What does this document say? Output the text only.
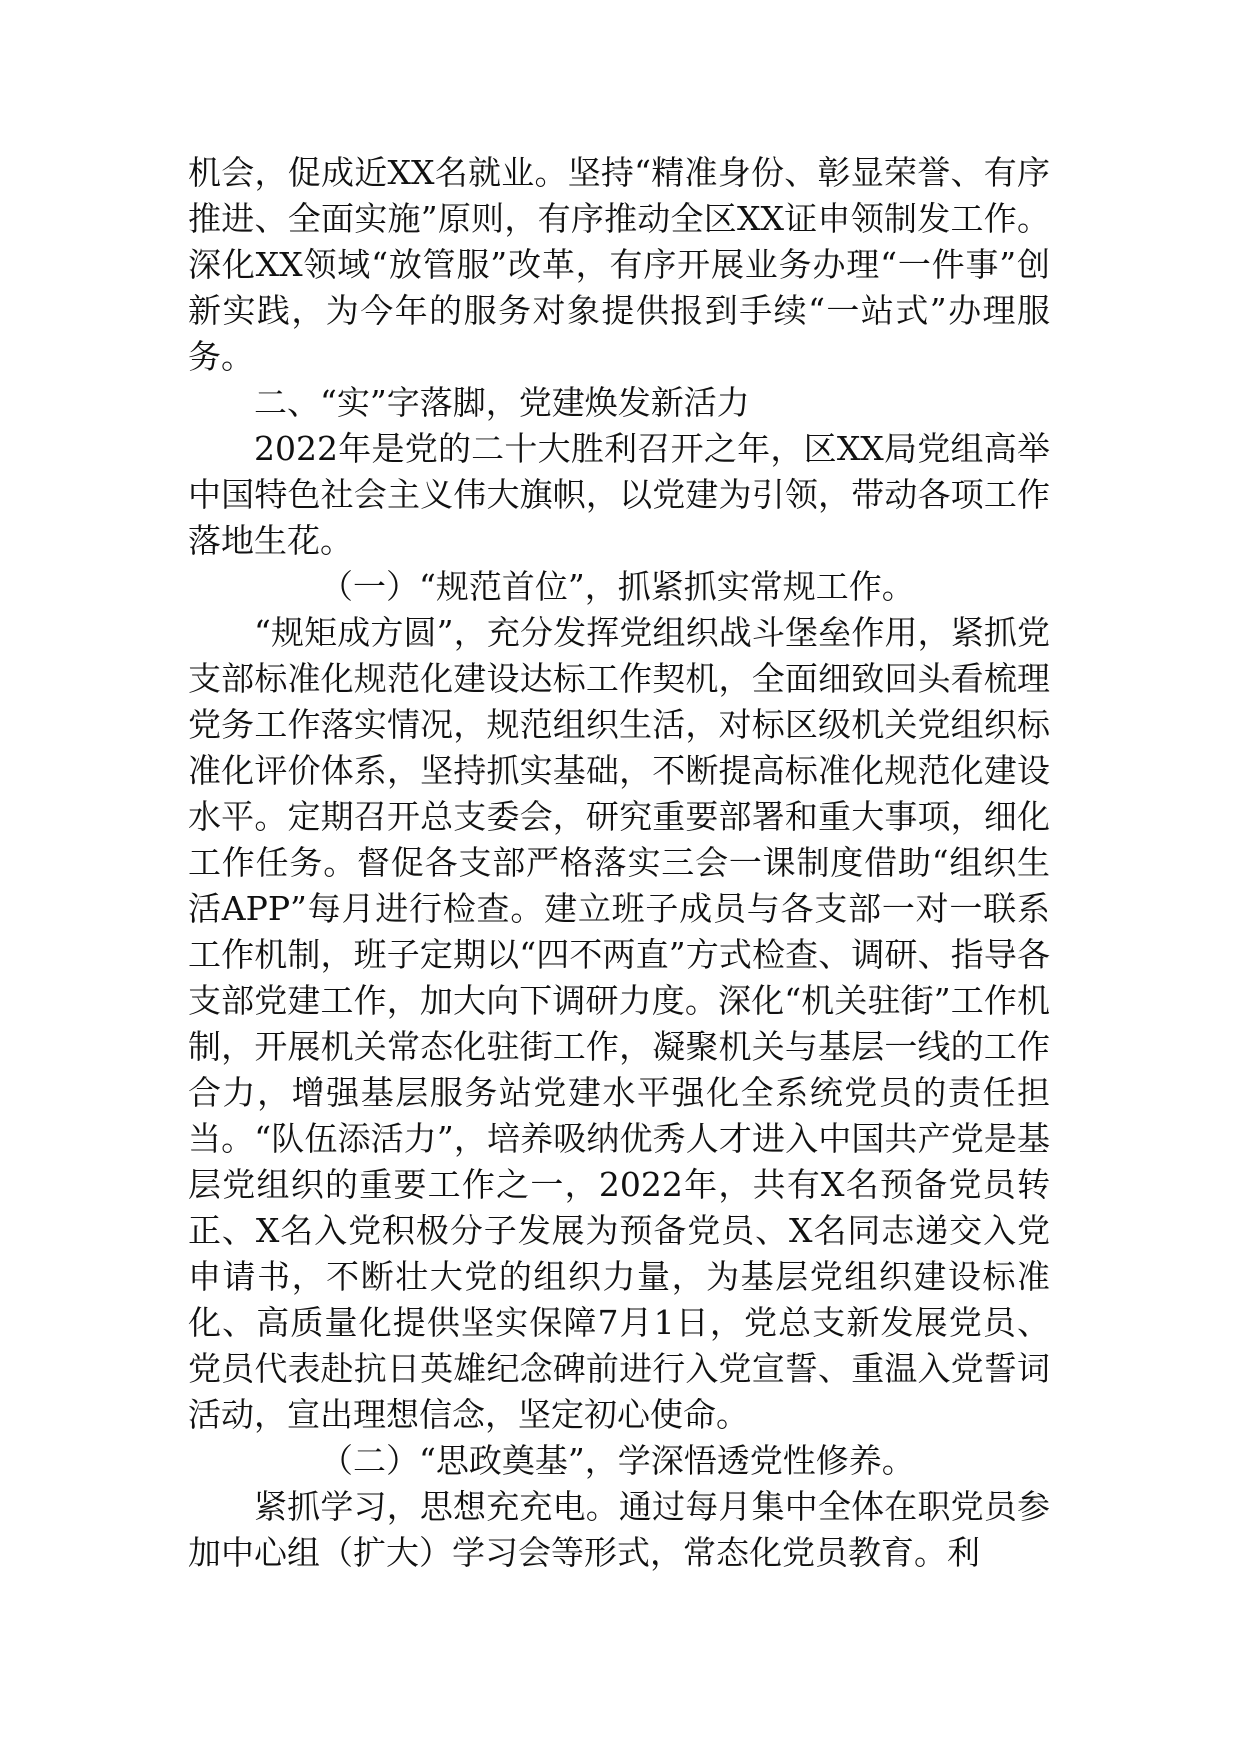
机会，促成近XX名就业。坚持“精准身份、彰显荣誉、有序推进、全面实施”原则，有序推动全区XX证申领制发工作。深化XX领域“放管服”改革，有序开展业务办理“一件事”创新实践，为今年的服务对象提供报到手续“一站式”办理服务。

二、“实”字落脚，党建焕发新活力

2022年是党的二十大胜利召开之年，区XX局党组高举中国特色社会主义伟大旗帜，以党建为引领，带动各项工作落地生花。

（一）“规范首位”，抓紧抓实常规工作。

“规矩成方圆”，充分发挥党组织战斗堡垒作用，紧抓党支部标准化规范化建设达标工作契机，全面细致回头看梳理党务工作落实情况，规范组织生活，对标区级机关党组织标准化评价体系，坚持抓实基础，不断提高标准化规范化建设水平。定期召开总支委会，研究重要部署和重大事项，细化工作任务。督促各支部严格落实三会一课制度借助“组织生活APP”每月进行检查。建立班子成员与各支部一对一联系工作机制，班子定期以“四不两直”方式检查、调研、指导各支部党建工作，加大向下调研力度。深化“机关驻街”工作机制，开展机关常态化驻街工作，凝聚机关与基层一线的工作合力，增强基层服务站党建水平强化全系统党员的责任担当。“队伍添活力”，培养吸纳优秀人才进入中国共产党是基层党组织的重要工作之一，2022年，共有X名预备党员转正、X名入党积极分子发展为预备党员、X名同志递交入党申请书，不断壮大党的组织力量，为基层党组织建设标准化、高质量化提供坚实保障7月1日，党总支新发展党员、党员代表赴抗日英雄纪念碑前进行入党宣誓、重温入党誓词活动，宣出理想信念，坚定初心使命。

（二）“思政奠基”，学深悟透党性修养。

紧抓学习，思想充充电。通过每月集中全体在职党员参加中心组（扩大）学习会等形式，常态化党员教育。利
